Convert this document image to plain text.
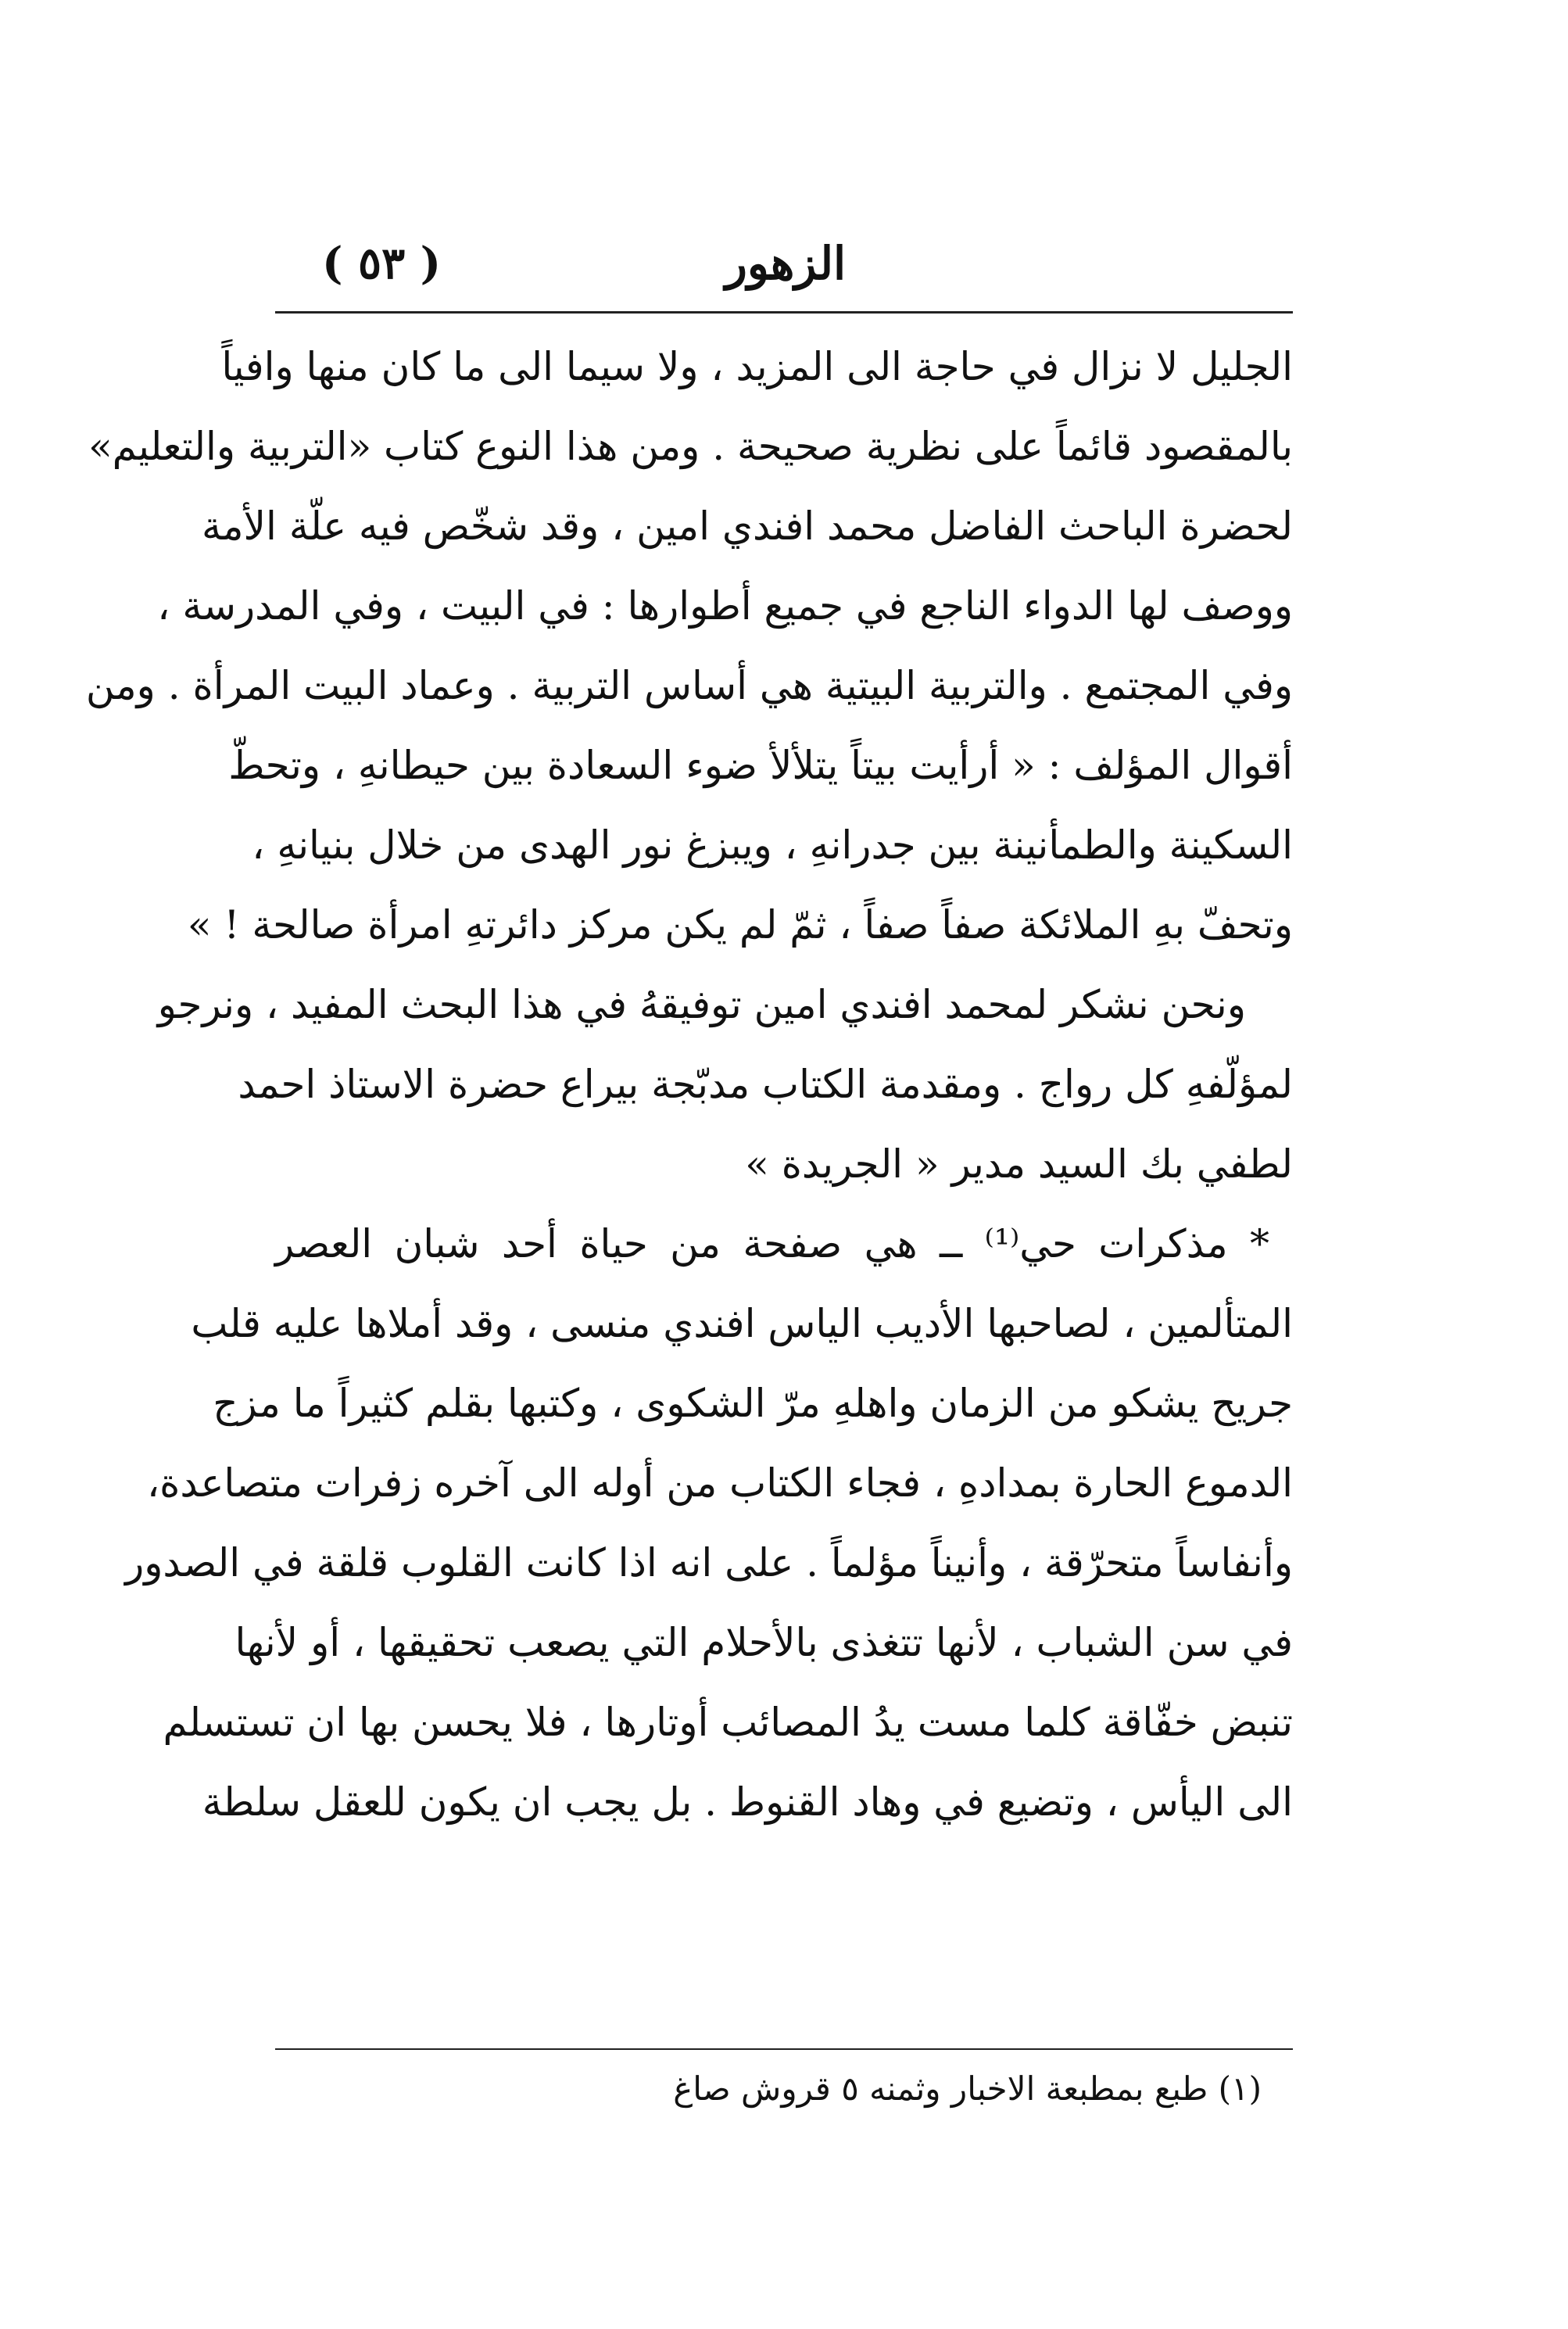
الزهور
( ٥٣ )
الجليل لا نزال في حاجة الى المزيد ، ولا سيما الى ما كان منها وافياً
بالمقصود قائماً على نظرية صحيحة . ومن هذا النوع كتاب «التربية والتعليم»
لحضرة الباحث الفاضل محمد افندي امين ، وقد شخّص فيه علّة الأمة
ووصف لها الدواء الناجع في جميع أطوارها : في البيت ، وفي المدرسة ،
وفي المجتمع . والتربية البيتية هي أساس التربية . وعماد البيت المرأة . ومن
أقوال المؤلف : « أرأيت بيتاً يتلألأ ضوء السعادة بين حيطانهِ ، وتحطّ
السكينة والطمأنينة بين جدرانهِ ، ويبزغ نور الهدى من خلال بنيانهِ ،
وتحفّ بهِ الملائكة صفاً صفاً ، ثمّ لم يكن مركز دائرتهِ امرأة صالحة ! »
ونحن نشكر لمحمد افندي امين توفيقهُ في هذا البحث المفيد ، ونرجو
لمؤلّفهِ كل رواج . ومقدمة الكتاب مدبّجة بيراع حضرة الاستاذ احمد
لطفي بك السيد مدير « الجريدة »
* مذكرات حي⁽¹⁾ ــ هي صفحة من حياة أحد شبان العصر
المتألمين ، لصاحبها الأديب الياس افندي منسى ، وقد أملاها عليه قلب
جريح يشكو من الزمان واهلهِ مرّ الشكوى ، وكتبها بقلم كثيراً ما مزج
الدموع الحارة بمدادهِ ، فجاء الكتاب من أوله الى آخره زفرات متصاعدة،
وأنفاساً متحرّقة ، وأنيناً مؤلماً . على انه اذا كانت القلوب قلقة في الصدور
في سن الشباب ، لأنها تتغذى بالأحلام التي يصعب تحقيقها ، أو لأنها
تنبض خفّاقة كلما مست يدُ المصائب أوتارها ، فلا يحسن بها ان تستسلم
الى اليأس ، وتضيع في وهاد القنوط . بل يجب ان يكون للعقل سلطة
(١) طبع بمطبعة الاخبار وثمنه ٥ قروش صاغ
